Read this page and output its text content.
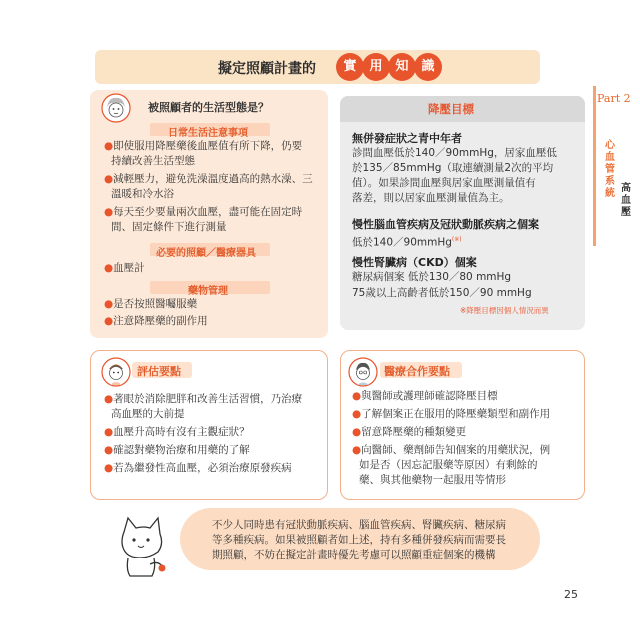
擬定照顧計畫的	實 用 知 識
Part 2
心血管系統 高血壓
被照顧者的生活型態是？
日常生活注意事項
●即使服用降壓藥後血壓值有所下降，仍要
持續改善生活型態
●減輕壓力，避免洗澡溫度過高的熱水澡、三
溫暖和冷水浴
●每天至少要量兩次血壓，盡可能在固定時
間、固定條件下進行測量
必要的照顧／醫療器具
●血壓計
藥物管理
●是否按照醫囑服藥
●注意降壓藥的副作用
降壓目標
無併發症狀之青中年者
診間血壓低於140／90mmHg，居家血壓低
於135／85mmHg（取連續測量2次的平均
值）。如果診間血壓與居家血壓測量值有
落差，則以居家血壓測量值為主。
慢性腦血管疾病及冠狀動脈疾病之個案
低於140／90mmHg(※)
慢性腎臟病（CKD）個案
糖尿病個案 低於130／80 mmHg
75歲以上高齡者低於150／90 mmHg
※降壓目標因個人情況而異
評估要點
●著眼於消除肥胖和改善生活習慣，乃治療
高血壓的大前提
●血壓升高時有沒有主觀症狀？
●確認對藥物治療和用藥的了解
●若為繼發性高血壓，必須治療原發疾病
醫療合作要點
●與醫師或護理師確認降壓目標
●了解個案正在服用的降壓藥類型和副作用
●留意降壓藥的種類變更
●向醫師、藥劑師告知個案的用藥狀況，例
如是否（因忘記服藥等原因）有剩餘的
藥、與其他藥物一起服用等情形
不少人同時患有冠狀動脈疾病、腦血管疾病、腎臟疾病、糖尿病
等多種疾病。如果被照顧者如上述，持有多種併發疾病而需要長
期照顧，不妨在擬定計畫時優先考慮可以照顧重症個案的機構
25
